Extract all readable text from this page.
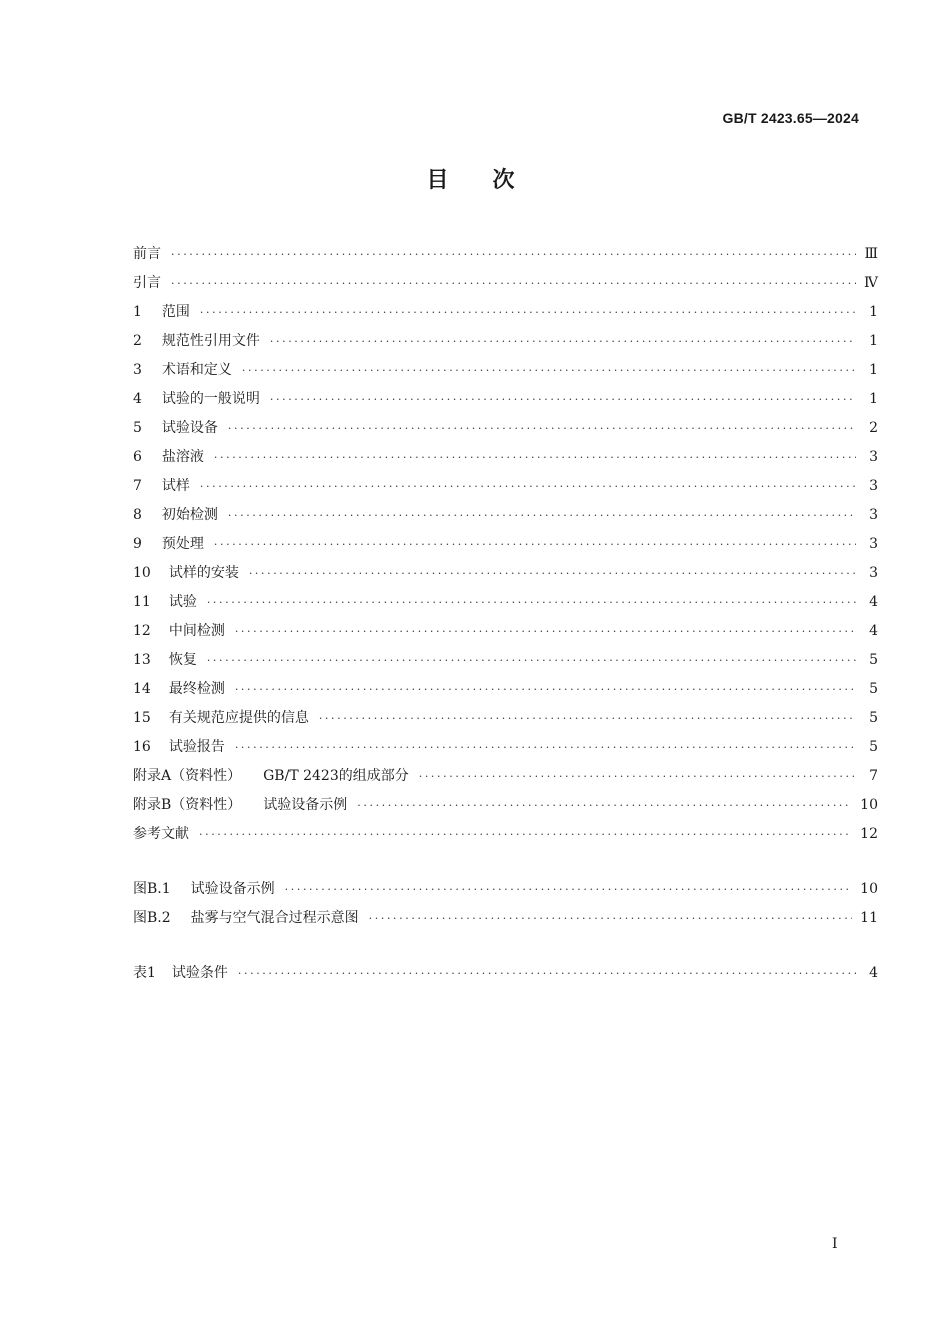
GB/T 2423.65—2024
目次
前言 ·····	Ⅲ
引言 ·····	Ⅳ
1 范围 ·····	1
2 规范性引用文件 ·····	1
3 术语和定义 ·····	1
4 试验的一般说明 ·····	1
5 试验设备 ·····	2
6 盐溶液 ·····	3
7 试样 ·····	3
8 初始检测 ·····	3
9 预处理 ·····	3
10 试样的安装 ·····	3
11 试验 ·····	4
12 中间检测 ·····	4
13 恢复 ·····	5
14 最终检测 ·····	5
15 有关规范应提供的信息 ·····	5
16 试验报告 ·····	5
附录A（资料性） GB/T 2423的组成部分 ·····	7
附录B（资料性） 试验设备示例 ·····	10
参考文献 ·····	12
图B.1 试验设备示例 ·····	10
图B.2 盐雾与空气混合过程示意图 ·····	11
表1 试验条件 ·····	4
Ⅰ
